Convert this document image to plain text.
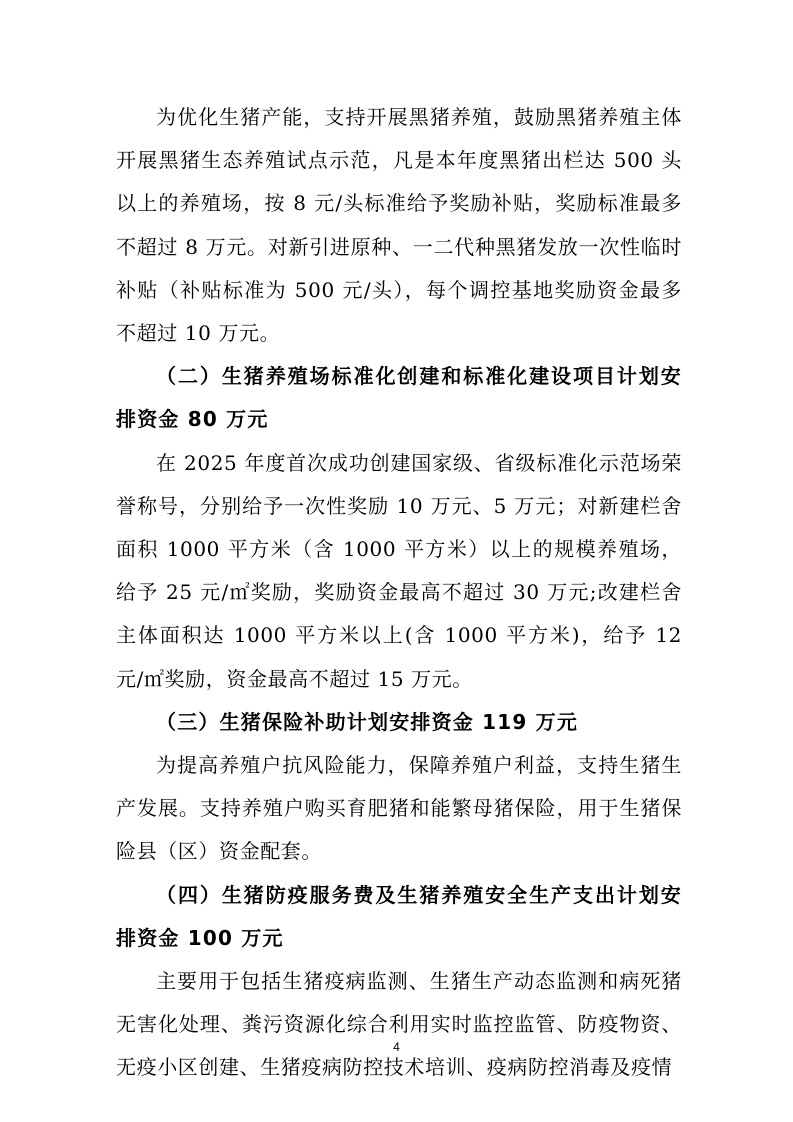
为优化生猪产能，支持开展黑猪养殖，鼓励黑猪养殖主体开展黑猪生态养殖试点示范，凡是本年度黑猪出栏达 500 头以上的养殖场，按 8 元/头标准给予奖励补贴，奖励标准最多不超过 8 万元。对新引进原种、一二代种黑猪发放一次性临时补贴（补贴标准为 500 元/头），每个调控基地奖励资金最多不超过 10 万元。

（二）生猪养殖场标准化创建和标准化建设项目计划安排资金 80 万元

在 2025 年度首次成功创建国家级、省级标准化示范场荣誉称号，分别给予一次性奖励 10 万元、5 万元；对新建栏舍面积 1000 平方米（含 1000 平方米）以上的规模养殖场，给予 25 元/㎡奖励，奖励资金最高不超过 30 万元;改建栏舍主体面积达 1000 平方米以上(含 1000 平方米)，给予 12 元/㎡奖励，资金最高不超过 15 万元。

（三）生猪保险补助计划安排资金 119 万元

为提高养殖户抗风险能力，保障养殖户利益，支持生猪生产发展。支持养殖户购买育肥猪和能繁母猪保险，用于生猪保险县（区）资金配套。

（四）生猪防疫服务费及生猪养殖安全生产支出计划安排资金 100 万元

主要用于包括生猪疫病监测、生猪生产动态监测和病死猪无害化处理、粪污资源化综合利用实时监控监管、防疫物资、无疫小区创建、生猪疫病防控技术培训、疫病防控消毒及疫情

4
